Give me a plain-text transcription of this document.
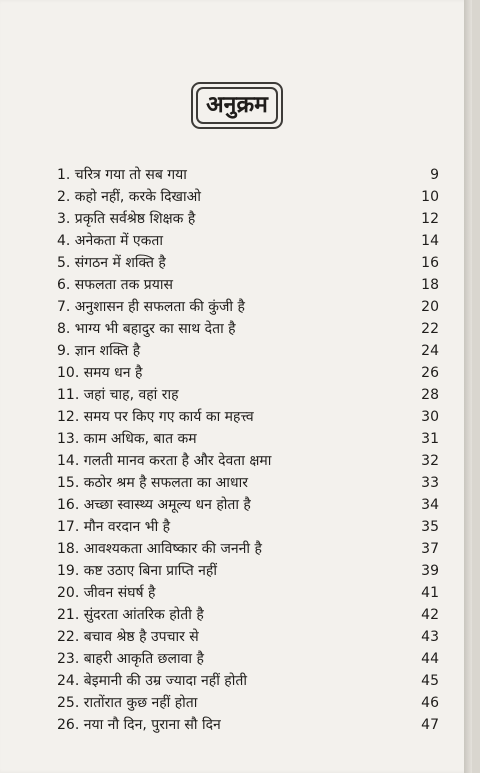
अनुक्रम
1. चरित्र गया तो सब गया	9
2. कहो नहीं, करके दिखाओ	10
3. प्रकृति सर्वश्रेष्ठ शिक्षक है	12
4. अनेकता में एकता	14
5. संगठन में शक्ति है	16
6. सफलता तक प्रयास	18
7. अनुशासन ही सफलता की कुंजी है	20
8. भाग्य भी बहादुर का साथ देता है	22
9. ज्ञान शक्ति है	24
10. समय धन है	26
11. जहां चाह, वहां राह	28
12. समय पर किए गए कार्य का महत्त्व	30
13. काम अधिक, बात कम	31
14. गलती मानव करता है और देवता क्षमा	32
15. कठोर श्रम है सफलता का आधार	33
16. अच्छा स्वास्थ्य अमूल्य धन होता है	34
17. मौन वरदान भी है	35
18. आवश्यकता आविष्कार की जननी है	37
19. कष्ट उठाए बिना प्राप्ति नहीं	39
20. जीवन संघर्ष है	41
21. सुंदरता आंतरिक होती है	42
22. बचाव श्रेष्ठ है उपचार से	43
23. बाहरी आकृति छलावा है	44
24. बेइमानी की उम्र ज्यादा नहीं होती	45
25. रातोंरात कुछ नहीं होता	46
26. नया नौ दिन, पुराना सौ दिन	47
